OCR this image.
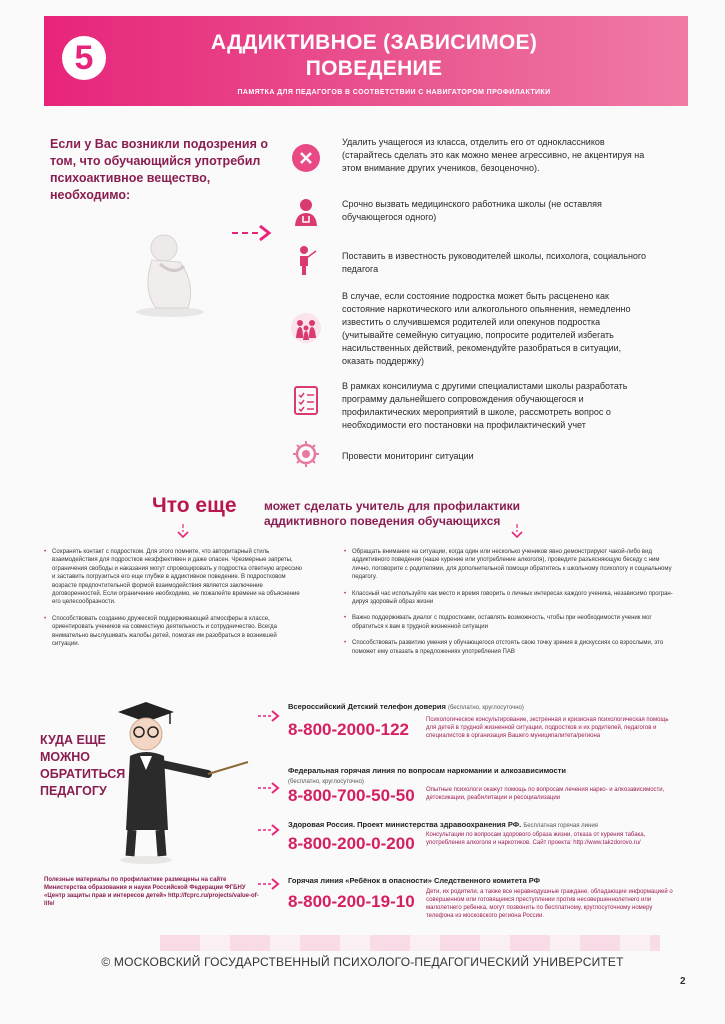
5	АДДИКТИВНОЕ (ЗАВИСИМОЕ)
ПОВЕДЕНИЕ
ПАМЯТКА ДЛЯ ПЕДАГОГОВ В СООТВЕТСТВИИ С НАВИГАТОРОМ ПРОФИЛАКТИКИ
Если у Вас возникли подозрения о том, что обучающийся употребил психоактивное вещество, необходимо:
Удалить учащегося из класса, отделить его от одноклассников (старайтесь сделать это как можно менее агрессивно, не акцентируя на этом внимание других учеников, безоценочно).
Срочно вызвать медицинского работника школы (не оставляя обучающегося одного)
Поставить в известность руководителей школы, психолога, социального педагога
В случае, если состояние подростка может быть расценено как состояние наркотического или алкогольного опьянения, немедленно известить о случившемся родителей или опекунов подростка (учитывайте семейную ситуацию, попросите родителей избегать насильственных действий, рекомендуйте разобраться в ситуации, оказать поддержку)
В рамках консилиума с другими специалистами школы разработать программу дальнейшего сопровождения обучающегося и профилактических мероприятий в школе, рассмотреть вопрос о необходимости его постановки на профилактический учет
Провести мониторинг ситуации
Что еще может сделать учитель для профилактики аддиктивного поведения обучающихся
• Сохранять контакт с подростком. Для этого помните, что авторитарный стиль взаимодействия для подростков неэффективен и даже опасен. Чрезмерные запреты, ограничения свободы и наказания могут спровоцировать у подростка ответную агрессию и заставить погрузиться его еще глубже в аддиктивное поведение. В подростковом возрасте предпочтительной формой взаимодействия является заключение договоренностей. Если ограничение необходимо, не пожалейте времени на объяснение его целесообразности.
• Способствовать созданию дружеской поддерживающей атмосферы в классе, ориентировать учеников на совместную деятельность и сотрудничество. Всегда внимательно выслушивать жалобы детей, помогая им разобраться в возникшей ситуации.
• Обращать внимание на ситуации, когда один или несколько учеников явно демонстрируют чакой-либо вид аддиктивного поведения (наше курение или употребление алкоголя), проведите разъясняющую беседу с ним лично, поговорите с родителями, для дополнительной помощи обратитесь к школьному психологу и социальному педагогу.
• Классный час используйте как место и время говорить о личных интересах каждого ученика, независимо програн-дируя здоровый образ жизни
• Важно поддерживать диалог с подростками, оставлять возможность, чтобы при необходимости ученик мог обратиться к вам в трудной жизненной ситуации
• Способствовать развитию умения у обучающегося отстоять свою точку зрения в дискуссиях со взрослыми, это поможет ему отказать в предложениях употребления ПАВ
КУДА ЕЩЕ МОЖНО ОБРАТИТЬСЯ ПЕДАГОГУ
Полезные материалы по профилактике размещены на сайте Министерства образования и науки Российской Федерации ФГБНУ «Центр защиты прав и интересов детей» http://fcprc.ru/projects/value-of-life/
Всероссийский Детский телефон доверия (бесплатно, круглосуточно)
8-800-2000-122	Психологическое консультирование, экстренная и кризисная психологическая помощь для детей в трудной жизненной ситуации, подростков и их родителей, педагогов и специалистов в организация Вашего муниципалитета/региона
Федеральная горячая линия по вопросам наркомании и алкозависимости
(бесплатно, круглосуточно)
8-800-700-50-50 Опытные психологи окажут помощь по вопросам лечения нарко- и алкозависимости, детоксикации, реабилитации и ресоциализации
Здоровая Россия. Проект министерства здравоохранения РФ. Бесплатная горячая линия
8-800-200-0-200 Консультации по вопросам здорового образа жизни, отказа от курения табака, употребления алкоголя и наркотиков. Сайт проекта: http://www.takzdorovo.ru/
Горячая линия «Ребёнок в опасности» Следственного комитета РФ
8-800-200-19-10 Дети, их родители, а также все неравнодушные граждане, обладающие информацией о совершенном или готовящемся преступлении против несовершеннолетнего или малолетнего ребенка, могут позвонить по бесплатному, круглосуточному номеру телефона из московского региона России.
© МОСКОВСКИЙ ГОСУДАРСТВЕННЫЙ ПСИХОЛОГО-ПЕДАГОГИЧЕСКИЙ УНИВЕРСИТЕТ
2
